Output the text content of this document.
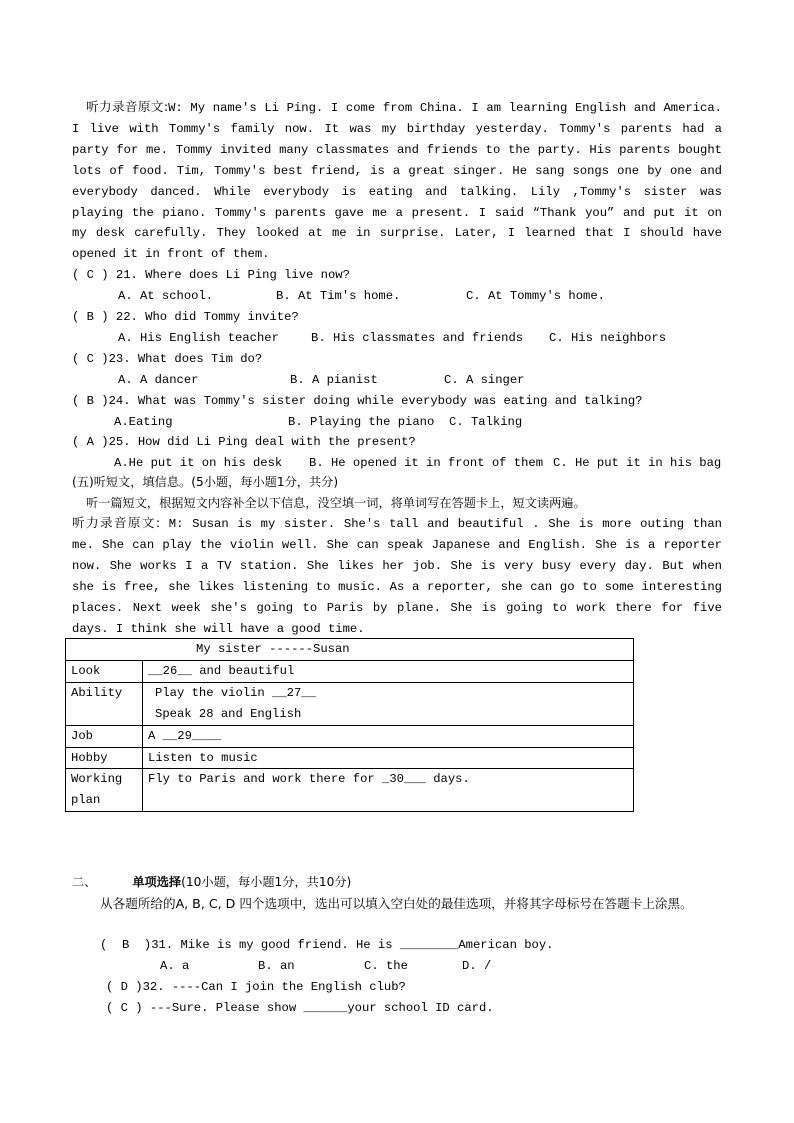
听力录音原文:W: My name's Li Ping. I come from China. I am learning English and America. I live with Tommy's family now. It was my birthday yesterday. Tommy's parents had a party for me. Tommy invited many classmates and friends to the party. His parents bought lots of food. Tim, Tommy's best friend, is a great singer. He sang songs one by one and everybody danced. While everybody is eating and talking. Lily ,Tommy's sister was playing the piano. Tommy's parents gave me a present. I said “Thank you” and put it on my desk carefully. They looked at me in surprise. Later, I learned that I should have opened it in front of them.

( C ) 21. Where does Li Ping live now?
A. At school.	B. At Tim's home.	C. At Tommy's home.
( B ) 22. Who did Tommy invite?
A. His English teacher	B. His classmates and friends C. His neighbors
( C )23. What does Tim do?
A. A dancer	B. A pianist	C. A singer
( B )24. What was Tommy's sister doing while everybody was eating and talking?
A.Eating	B. Playing the piano C. Talking
( A )25. How did Li Ping deal with the present?
A.He put it on his desk B. He opened it in front of them C. He put it in his bag
(五)听短文，填信息。(5小题，每小题1分，共分)
听一篇短文，根据短文内容补全以下信息，没空填一词，将单词写在答题卡上，短文读两遍。

听力录音原文: M: Susan is my sister. She's tall and beautiful . She is more outing than me. She can play the violin well. She can speak Japanese and English. She is a reporter now. She works I a TV station. She likes her job. She is very busy every day. But when she is free, she likes listening to music. As a reporter, she can go to some interesting places. Next week she's going to Paris by plane. She is going to work there for five days. I think she will have a good time.

My sister ------Susan	
Look	__26__ and beautiful
Ability	Play the violin __27__
Speak 28 and English

Job	A __29____
Hobby	Listen to music
Working plan	Fly to Paris and work there for _30___ days.
二、	单项选择(10小题，每小题1分，共10分)
从各题所给的A, B, C, D 四个选项中，选出可以填入空白处的最佳选项，并将其字母标号在答题卡上涂黑。
(  B  )31. Mike is my good friend. He is ________American boy.
A. a	B. an	C. the	D. /
( D )32. ----Can I join the English club?
( C ) ---Sure. Please show ______your school ID card.
